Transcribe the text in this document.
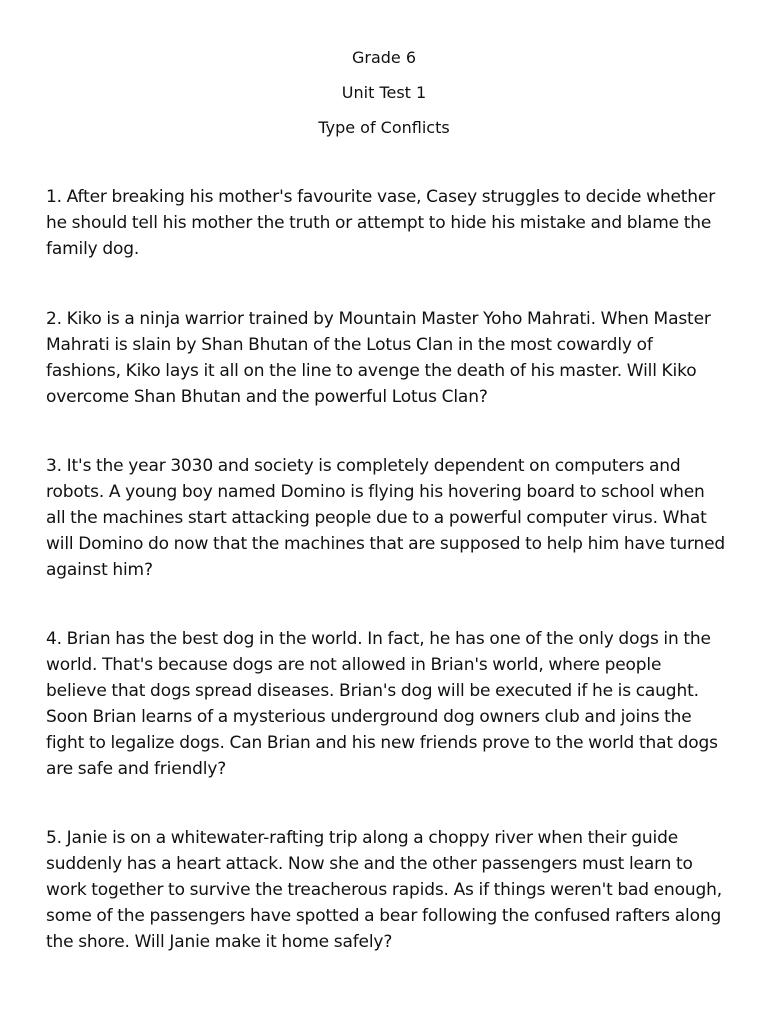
Grade 6
Unit Test 1
Type of Conflicts
1. After breaking his mother's favourite vase, Casey struggles to decide whether he should tell his mother the truth or attempt to hide his mistake and blame the family dog.
2. Kiko is a ninja warrior trained by Mountain Master Yoho Mahrati. When Master Mahrati is slain by Shan Bhutan of the Lotus Clan in the most cowardly of fashions, Kiko lays it all on the line to avenge the death of his master. Will Kiko overcome Shan Bhutan and the powerful Lotus Clan?
3. It's the year 3030 and society is completely dependent on computers and robots. A young boy named Domino is flying his hovering board to school when all the machines start attacking people due to a powerful computer virus. What will Domino do now that the machines that are supposed to help him have turned against him?
4. Brian has the best dog in the world. In fact, he has one of the only dogs in the world. That's because dogs are not allowed in Brian's world, where people believe that dogs spread diseases. Brian's dog will be executed if he is caught. Soon Brian learns of a mysterious underground dog owners club and joins the fight to legalize dogs. Can Brian and his new friends prove to the world that dogs are safe and friendly?
5. Janie is on a whitewater-rafting trip along a choppy river when their guide suddenly has a heart attack. Now she and the other passengers must learn to work together to survive the treacherous rapids. As if things weren't bad enough, some of the passengers have spotted a bear following the confused rafters along the shore. Will Janie make it home safely?
